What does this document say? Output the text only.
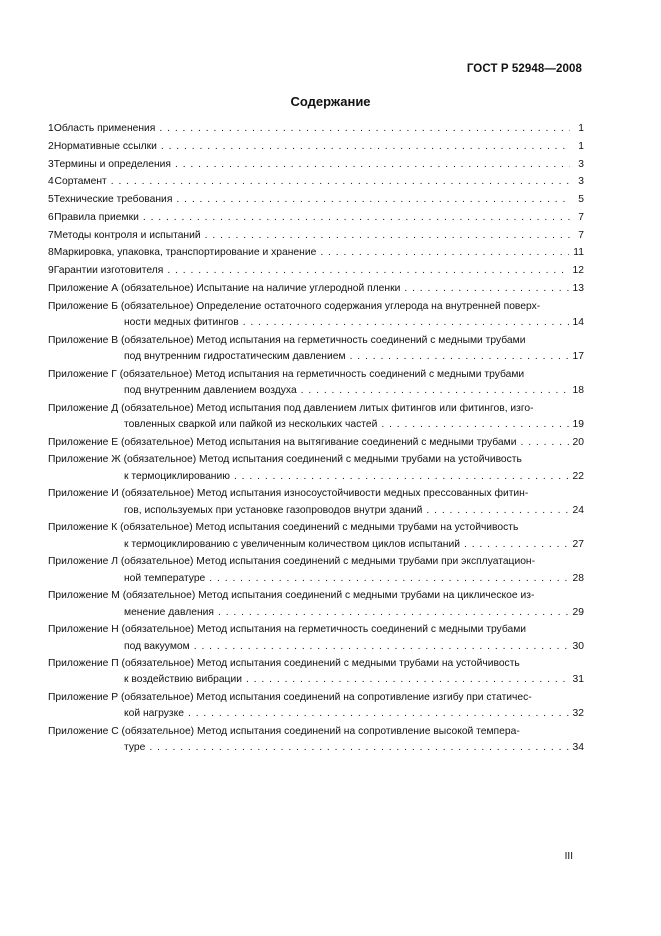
ГОСТ Р 52948—2008
Содержание
1 Область применения . . .	1
2 Нормативные ссылки . . .	1
3 Термины и определения . . .	3
4 Сортамент . . .	3
5 Технические требования . . .	5
6 Правила приемки . . .	7
7 Методы контроля и испытаний . . .	7
8 Маркировка, упаковка, транспортирование и хранение . . .	11
9 Гарантии изготовителя . . .	12
Приложение А (обязательное) Испытание на наличие углеродной пленки . . .	13
Приложение Б (обязательное) Определение остаточного содержания углерода на внутренней поверх-
ности медных фитингов . . .	14
Приложение В (обязательное) Метод испытания на герметичность соединений с медными трубами
под внутренним гидростатическим давлением . . .	17
Приложение Г (обязательное) Метод испытания на герметичность соединений с медными трубами
под внутренним давлением воздуха . . .	18
Приложение Д (обязательное) Метод испытания под давлением литых фитингов или фитингов, изго-
товленных сваркой или пайкой из нескольких частей . . .	19
Приложение Е (обязательное) Метод испытания на вытягивание соединений с медными трубами . . .	20
Приложение Ж (обязательное) Метод испытания соединений с медными трубами на устойчивость
к термоциклированию . . .	22
Приложение И (обязательное) Метод испытания износоустойчивости медных прессованных фитин-
гов, используемых при установке газопроводов внутри зданий . . .	24
Приложение К (обязательное) Метод испытания соединений с медными трубами на устойчивость
к термоциклированию с увеличенным количеством циклов испытаний . . .	27
Приложение Л (обязательное) Метод испытания соединений с медными трубами при эксплуатацион-
ной температуре . . .	28
Приложение М (обязательное) Метод испытания соединений с медными трубами на циклическое из-
менение давления . . .	29
Приложение Н (обязательное) Метод испытания на герметичность соединений с медными трубами
под вакуумом . . .	30
Приложение П (обязательное) Метод испытания соединений с медными трубами на устойчивость
к воздействию вибрации . . .	31
Приложение Р (обязательное) Метод испытания соединений на сопротивление изгибу при статичес-
кой нагрузке . . .	32
Приложение С (обязательное) Метод испытания соединений на сопротивление высокой темпера-
туре . . .	34
III
